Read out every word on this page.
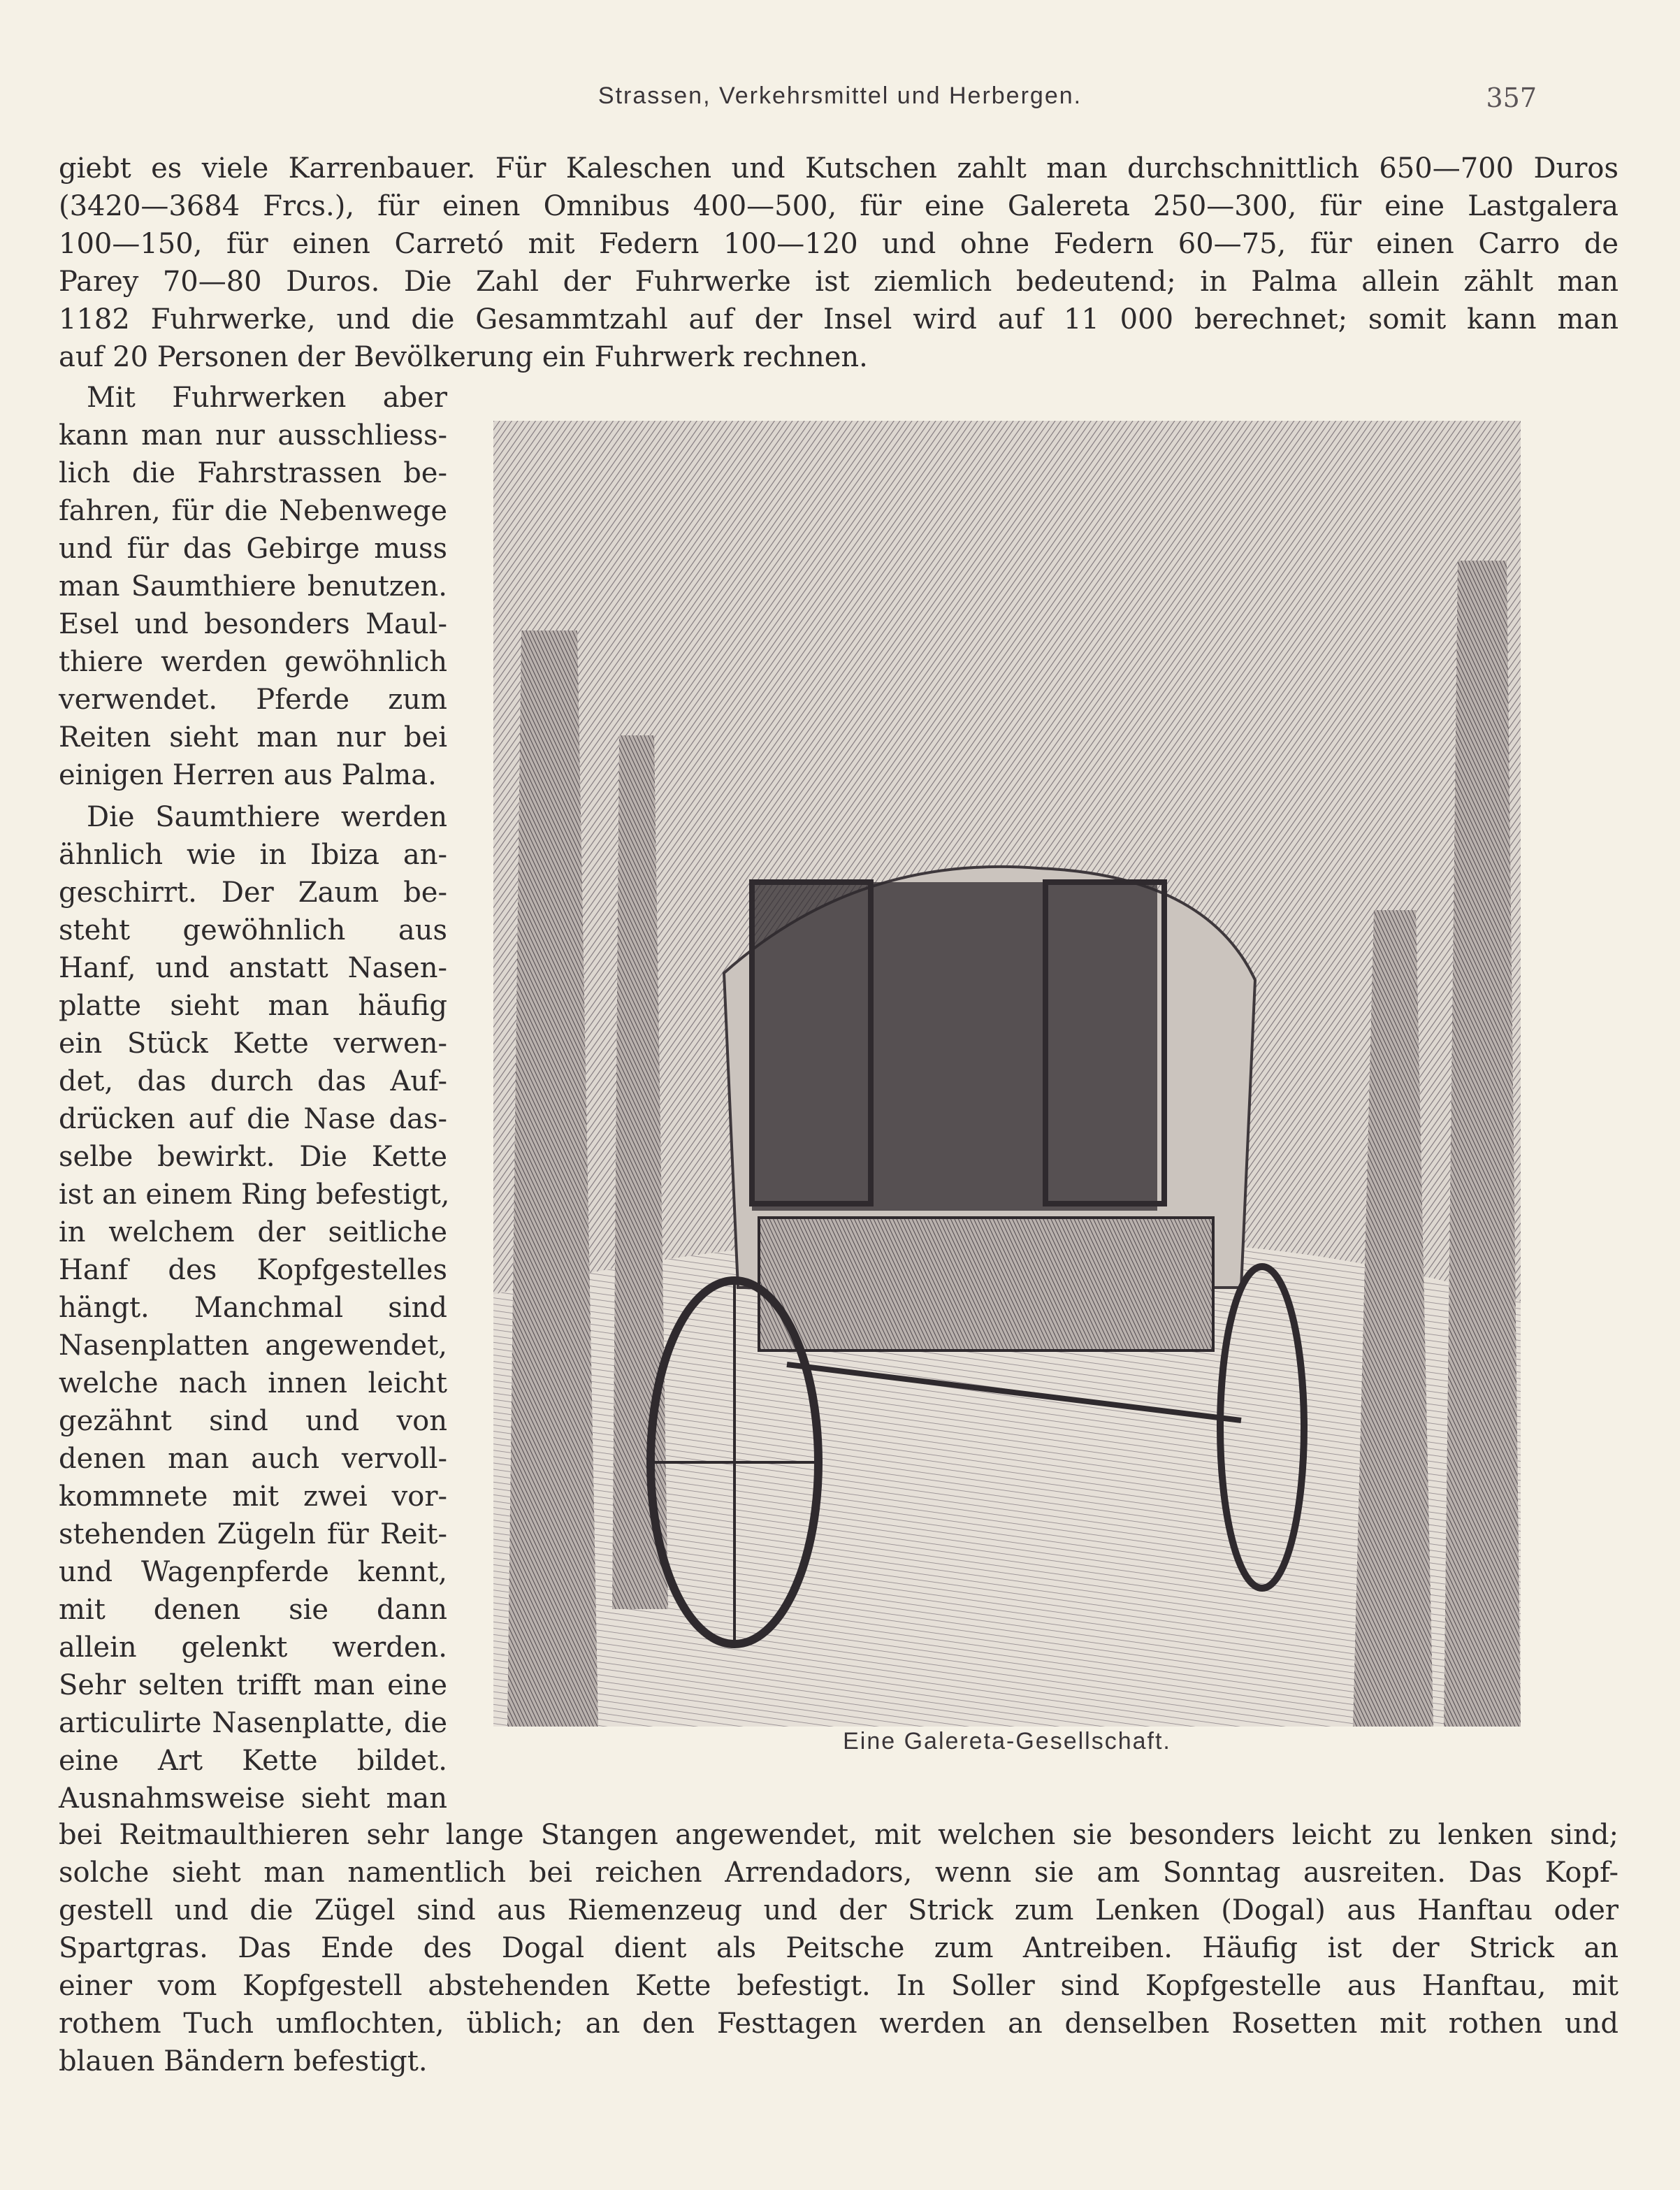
Strassen, Verkehrsmittel und Herbergen.	357
giebt es viele Karrenbauer. Für Kaleschen und Kutschen zahlt man durchschnittlich 650—700 Duros
(3420—3684 Frcs.), für einen Omnibus 400—500, für eine Galereta 250—300, für eine Lastgalera
100—150, für einen Carretó mit Federn 100—120 und ohne Federn 60—75, für einen Carro de
Parey 70—80 Duros. Die Zahl der Fuhrwerke ist ziemlich bedeutend; in Palma allein zählt man
1182 Fuhrwerke, und die Gesammtzahl auf der Insel wird auf 11 000 berechnet; somit kann man
auf 20 Personen der Bevölkerung ein Fuhrwerk rechnen.
Mit Fuhrwerken aber
kann man nur ausschliess-
lich die Fahrstrassen be-
fahren, für die Nebenwege
und für das Gebirge muss
man Saumthiere benutzen.
Esel und besonders Maul-
thiere werden gewöhnlich
verwendet. Pferde zum
Reiten sieht man nur bei
einigen Herren aus Palma.
Die Saumthiere werden
ähnlich wie in Ibiza an-
geschirrt. Der Zaum be-
steht gewöhnlich aus
Hanf, und anstatt Nasen-
platte sieht man häufig
ein Stück Kette verwen-
det, das durch das Auf-
drücken auf die Nase das-
selbe bewirkt. Die Kette
ist an einem Ring befestigt,
in welchem der seitliche
Hanf des Kopfgestelles
hängt. Manchmal sind
Nasenplatten angewendet,
welche nach innen leicht
gezähnt sind und von
denen man auch vervoll-
kommnete mit zwei vor-
stehenden Zügeln für Reit-
und Wagenpferde kennt,
mit denen sie dann
allein gelenkt werden.
Sehr selten trifft man eine
articulirte Nasenplatte, die
eine Art Kette bildet.
Ausnahmsweise sieht man
Eine Galereta-Gesellschaft.
bei Reitmaulthieren sehr lange Stangen angewendet, mit welchen sie besonders leicht zu lenken sind;
solche sieht man namentlich bei reichen Arrendadors, wenn sie am Sonntag ausreiten. Das Kopf-
gestell und die Zügel sind aus Riemenzeug und der Strick zum Lenken (Dogal) aus Hanftau oder
Spartgras. Das Ende des Dogal dient als Peitsche zum Antreiben. Häufig ist der Strick an
einer vom Kopfgestell abstehenden Kette befestigt. In Soller sind Kopfgestelle aus Hanftau, mit
rothem Tuch umflochten, üblich; an den Festtagen werden an denselben Rosetten mit rothen und
blauen Bändern befestigt.
